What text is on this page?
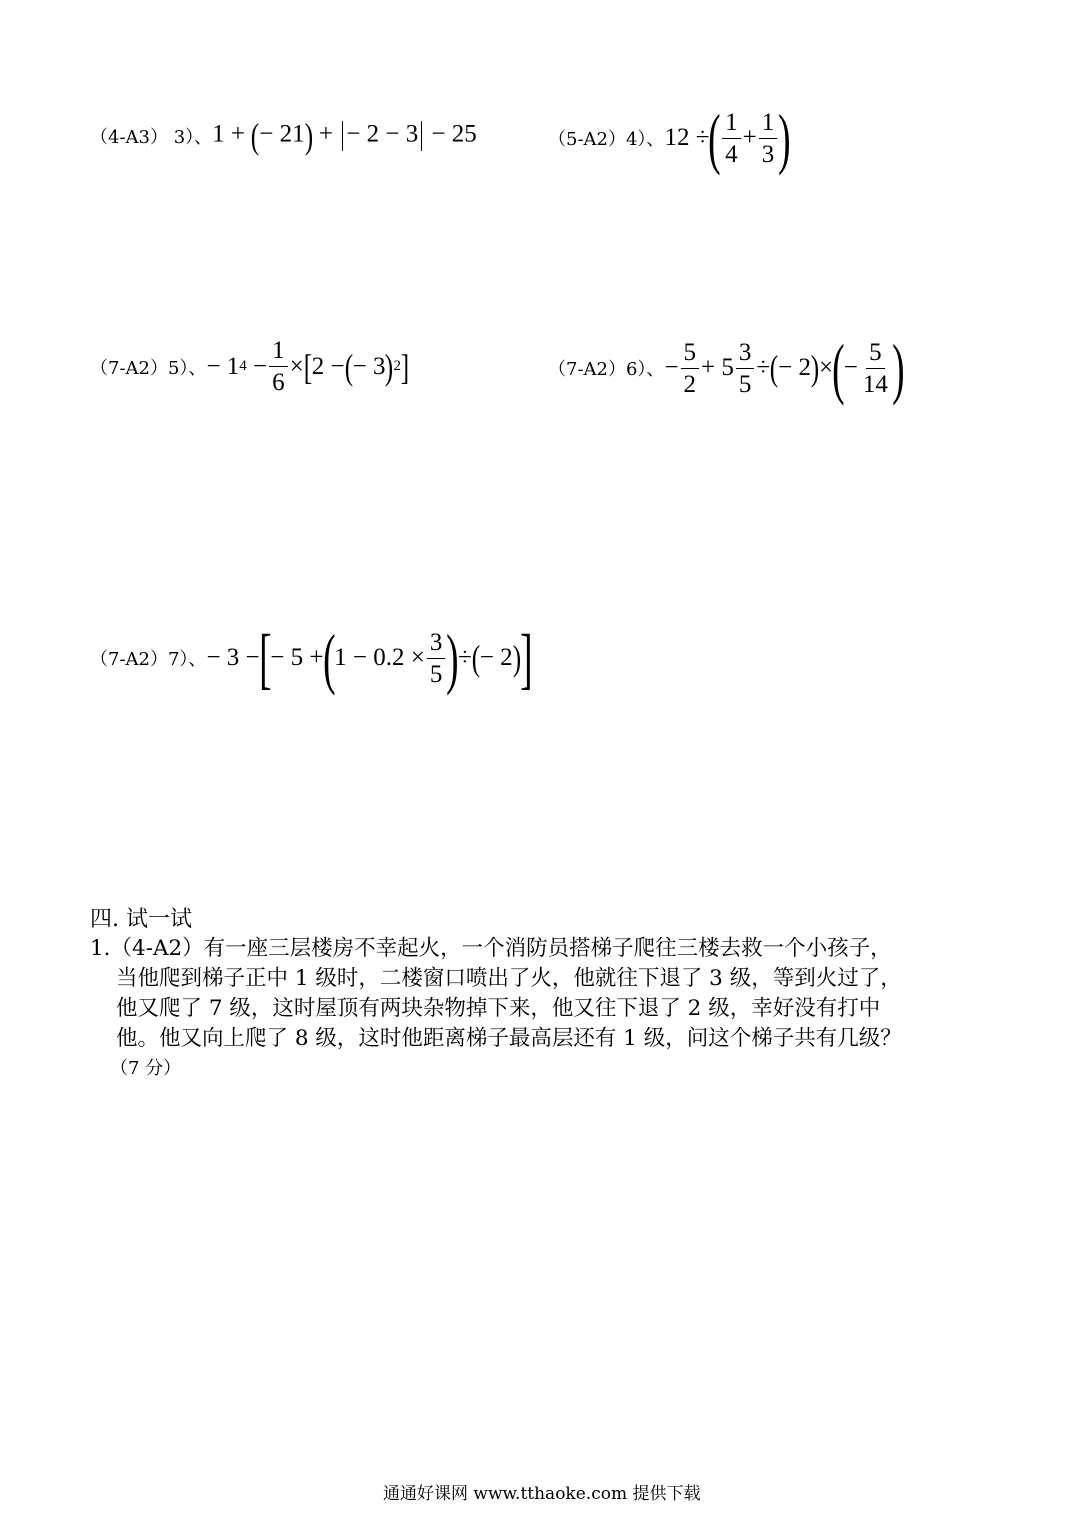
（4-A3） 3）、 1 + (− 21) + − 2 − 3 − 25	（5-A2）4）、 12 ÷ ( $\frac{1}{4} + \frac{1}{3}$ )
（7-A2）5）、 − 1 $4 - \frac{1}{6}$ × [ 2 − ( − 3 ) 2 ]	（7-A2）6）、 − $\frac{5}{2} + 5 \frac{3}{5}$ ÷ ( − 2 ) × ( − $\frac{5}{14}$ )
（7-A2）7）、 − 3 − [ − 5 + ( $1 - 0.2 \times \frac{3}{5}$ ) ÷ ( − 2 )
]
四. 试一试
1.（4-A2）有一座三层楼房不幸起火，一个消防员搭梯子爬往三楼去救一个小孩子，
当他爬到梯子正中 1 级时，二楼窗口喷出了火，他就往下退了 3 级，等到火过了，
他又爬了 7 级，这时屋顶有两块杂物掉下来，他又往下退了 2 级，幸好没有打中
他。他又向上爬了 8 级，这时他距离梯子最高层还有 1 级，问这个梯子共有几级？
（7 分）
通通好课网 www.tthaoke.com 提供下载
